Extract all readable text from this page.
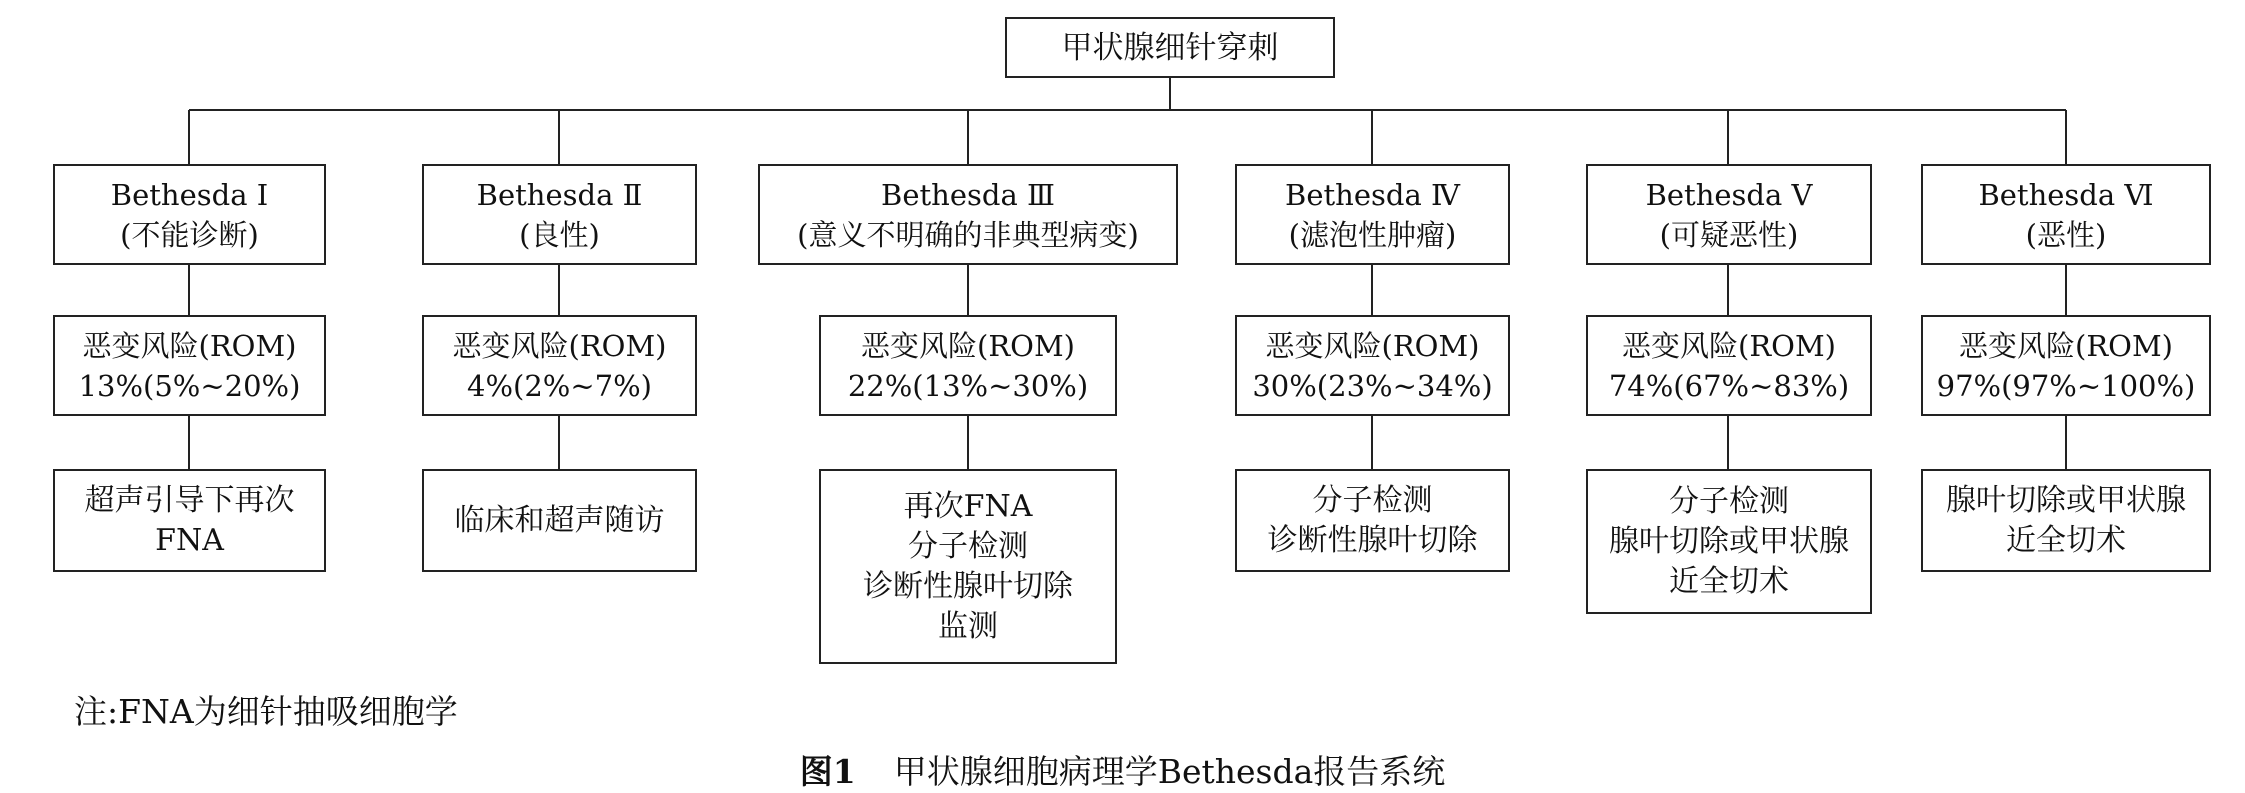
甲状腺细针穿刺
Bethesda Ⅰ
(不能诊断)
恶变风险(ROM)
13%(5%~20%)
超声引导下再次
FNA
Bethesda Ⅱ
(良性)
恶变风险(ROM)
4%(2%~7%)
临床和超声随访
Bethesda Ⅲ
(意义不明确的非典型病变)
恶变风险(ROM)
22%(13%~30%)
再次FNA
分子检测
诊断性腺叶切除
监测
Bethesda Ⅳ
(滤泡性肿瘤)
恶变风险(ROM)
30%(23%~34%)
分子检测
诊断性腺叶切除
Bethesda Ⅴ
(可疑恶性)
恶变风险(ROM)
74%(67%~83%)
分子检测
腺叶切除或甲状腺
近全切术
Bethesda Ⅵ
(恶性)
恶变风险(ROM)
97%(97%~100%)
腺叶切除或甲状腺
近全切术
注:FNA为细针抽吸细胞学
图1 甲状腺细胞病理学Bethesda报告系统
